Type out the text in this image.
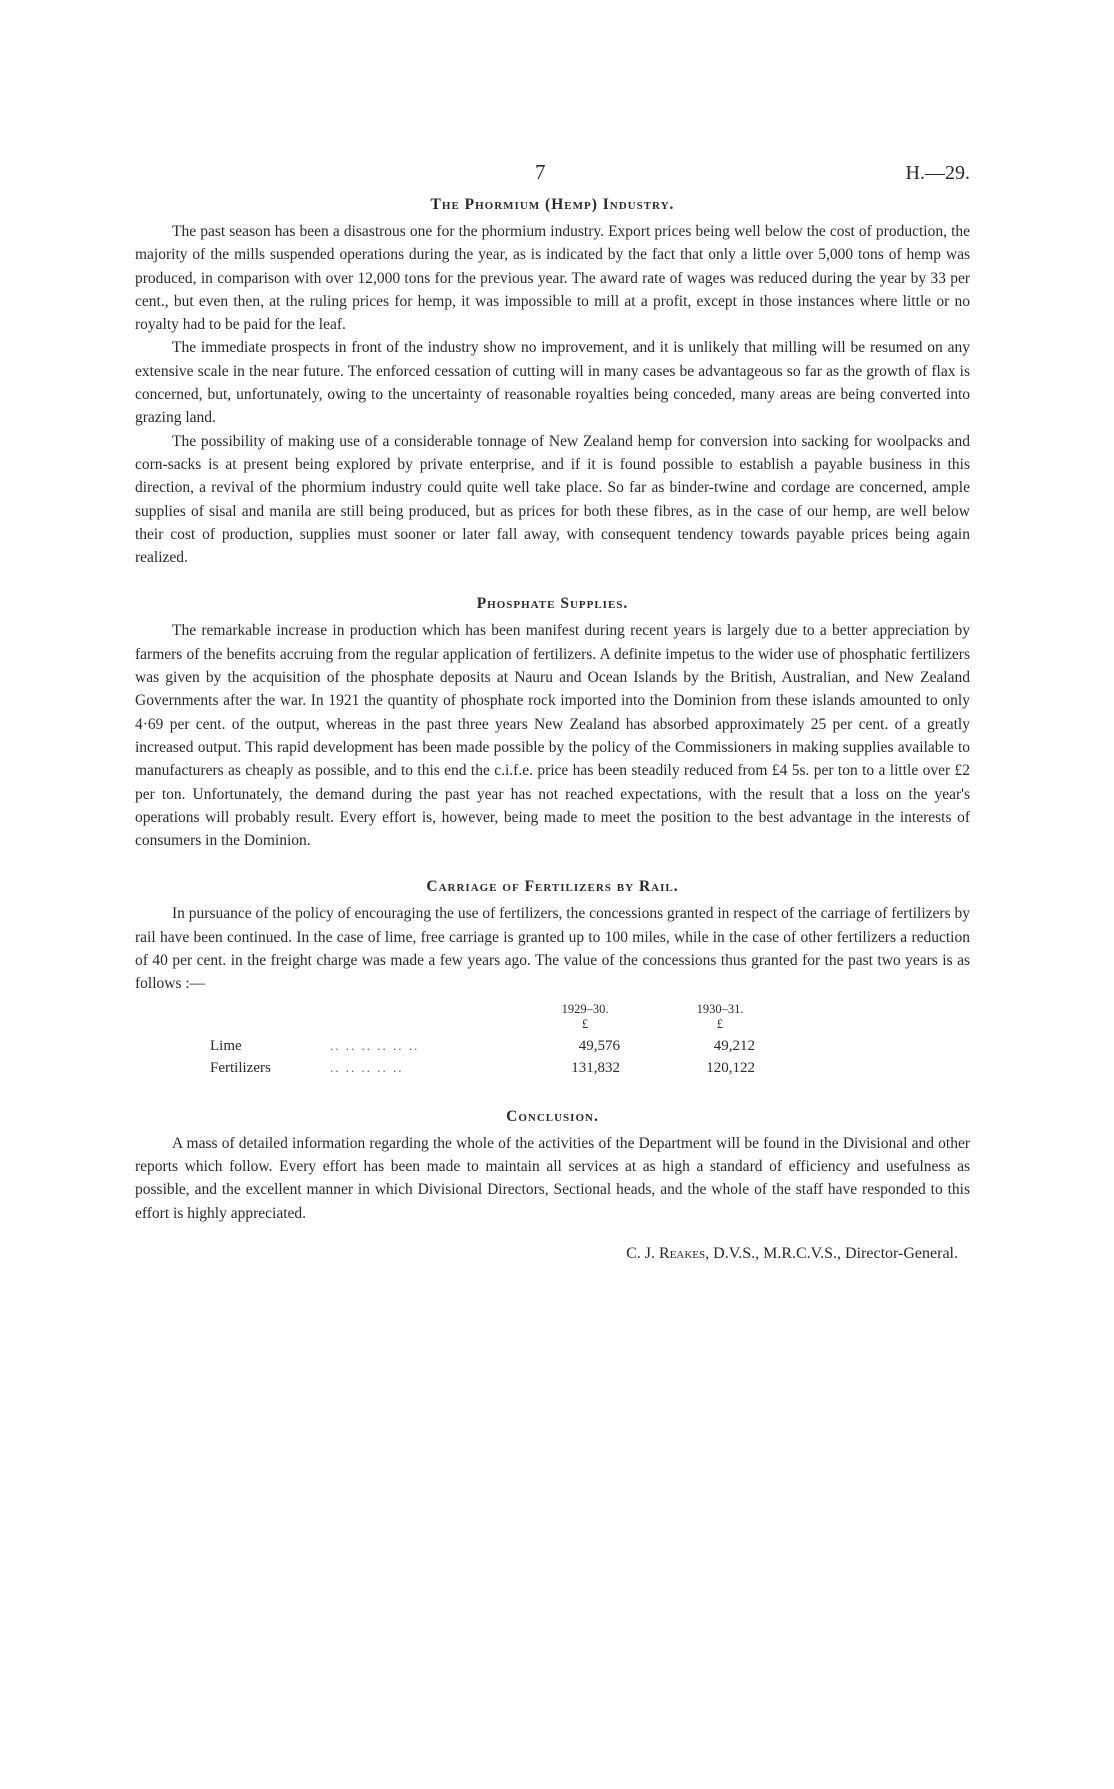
7	H.—29.
The Phormium (Hemp) Industry.

The past season has been a disastrous one for the phormium industry. Export prices being well below the cost of production, the majority of the mills suspended operations during the year, as is indicated by the fact that only a little over 5,000 tons of hemp was produced, in comparison with over 12,000 tons for the previous year. The award rate of wages was reduced during the year by 33 per cent., but even then, at the ruling prices for hemp, it was impossible to mill at a profit, except in those instances where little or no royalty had to be paid for the leaf.

The immediate prospects in front of the industry show no improvement, and it is unlikely that milling will be resumed on any extensive scale in the near future. The enforced cessation of cutting will in many cases be advantageous so far as the growth of flax is concerned, but, unfortunately, owing to the uncertainty of reasonable royalties being conceded, many areas are being converted into grazing land.

The possibility of making use of a considerable tonnage of New Zealand hemp for conversion into sacking for woolpacks and corn-sacks is at present being explored by private enterprise, and if it is found possible to establish a payable business in this direction, a revival of the phormium industry could quite well take place. So far as binder-twine and cordage are concerned, ample supplies of sisal and manila are still being produced, but as prices for both these fibres, as in the case of our hemp, are well below their cost of production, supplies must sooner or later fall away, with consequent tendency towards payable prices being again realized.

Phosphate Supplies.

The remarkable increase in production which has been manifest during recent years is largely due to a better appreciation by farmers of the benefits accruing from the regular application of fertilizers. A definite impetus to the wider use of phosphatic fertilizers was given by the acquisition of the phosphate deposits at Nauru and Ocean Islands by the British, Australian, and New Zealand Governments after the war. In 1921 the quantity of phosphate rock imported into the Dominion from these islands amounted to only 4·69 per cent. of the output, whereas in the past three years New Zealand has absorbed approximately 25 per cent. of a greatly increased output. This rapid development has been made possible by the policy of the Commissioners in making supplies available to manufacturers as cheaply as possible, and to this end the c.i.f.e. price has been steadily reduced from £4 5s. per ton to a little over £2 per ton. Unfortunately, the demand during the past year has not reached expectations, with the result that a loss on the year's operations will probably result. Every effort is, however, being made to meet the position to the best advantage in the interests of consumers in the Dominion.

Carriage of Fertilizers by Rail.

In pursuance of the policy of encouraging the use of fertilizers, the concessions granted in respect of the carriage of fertilizers by rail have been continued. In the case of lime, free carriage is granted up to 100 miles, while in the case of other fertilizers a reduction of 40 per cent. in the freight charge was made a few years ago. The value of the concessions thus granted for the past two years is as follows :—

1929–30.
£
1930–31.
£
Lime	.. .. .. .. .. ..	49,576	49,212
Fertilizers	.. .. .. .. ..	131,832	120,122
Conclusion.

A mass of detailed information regarding the whole of the activities of the Department will be found in the Divisional and other reports which follow. Every effort has been made to maintain all services at as high a standard of efficiency and usefulness as possible, and the excellent manner in which Divisional Directors, Sectional heads, and the whole of the staff have responded to this effort is highly appreciated.

C. J. Reakes, D.V.S., M.R.C.V.S., Director-General.
